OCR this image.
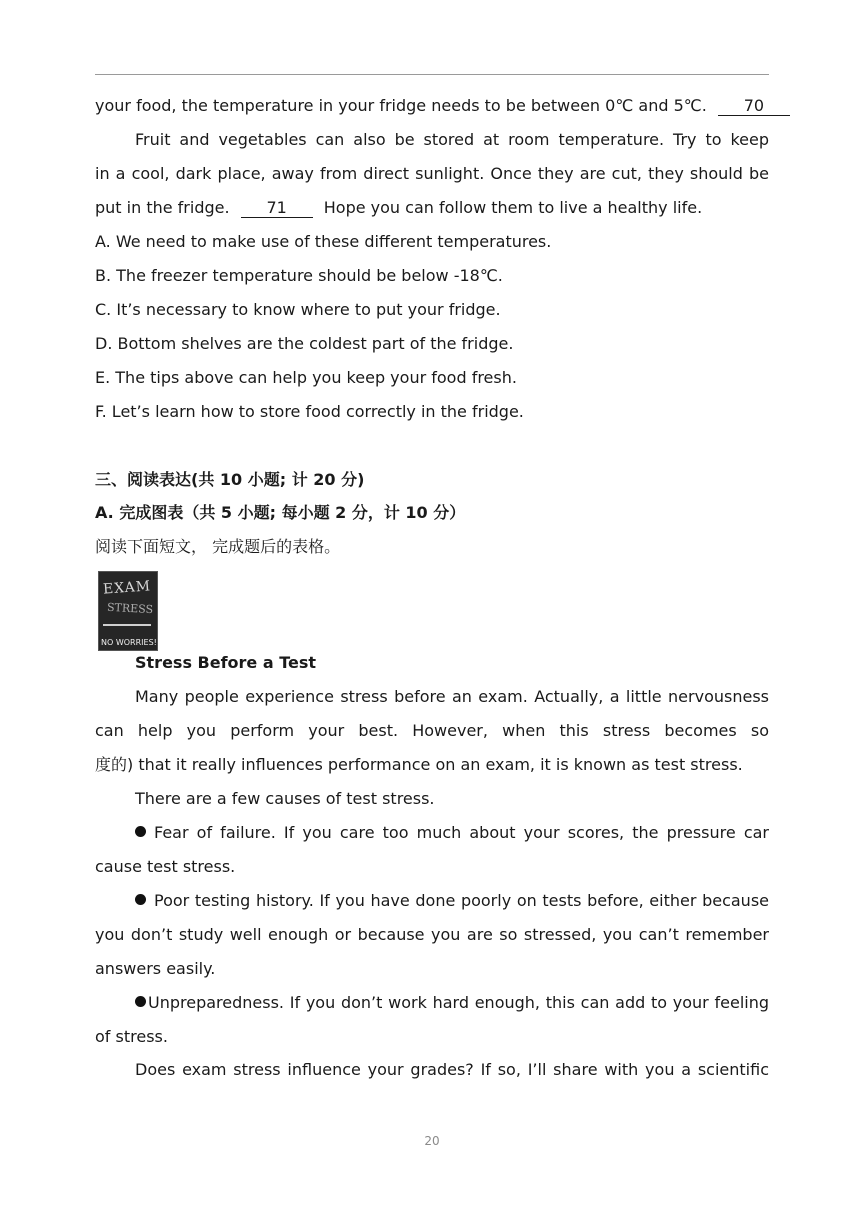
your food, the temperature in your fridge needs to be between 0℃ and 5℃. 70
Fruit and vegetables can also be stored at room temperature. Try to keep
in a cool, dark place, away from direct sunlight. Once they are cut, they should be
put in the fridge. 71 Hope you can follow them to live a healthy life.
A. We need to make use of these different temperatures.
B. The freezer temperature should be below -18℃.
C. It’s necessary to know where to put your fridge.
D. Bottom shelves are the coldest part of the fridge.
E. The tips above can help you keep your food fresh.
F. Let’s learn how to store food correctly in the fridge.
三、阅读表达(共 10 小题; 计 20 分)
A. 完成图表（共 5 小题; 每小题 2 分，计 10 分）
阅读下面短文， 完成题后的表格。
EXAM
STRESS
NO WORRIES!
Stress Before a Test
Many people experience stress before an exam. Actually, a little nervousness
can help you perform your best. However, when this stress becomes so
度的) that it really influences performance on an exam, it is known as test stress.
There are a few causes of test stress.
Fear of failure. If you care too much about your scores, the pressure car
cause test stress.
Poor testing history. If you have done poorly on tests before, either because
you don’t study well enough or because you are so stressed, you can’t remember
answers easily.
Unpreparedness. If you don’t work hard enough, this can add to your feeling
of stress.
Does exam stress influence your grades? If so, I’ll share with you a scientific
20
